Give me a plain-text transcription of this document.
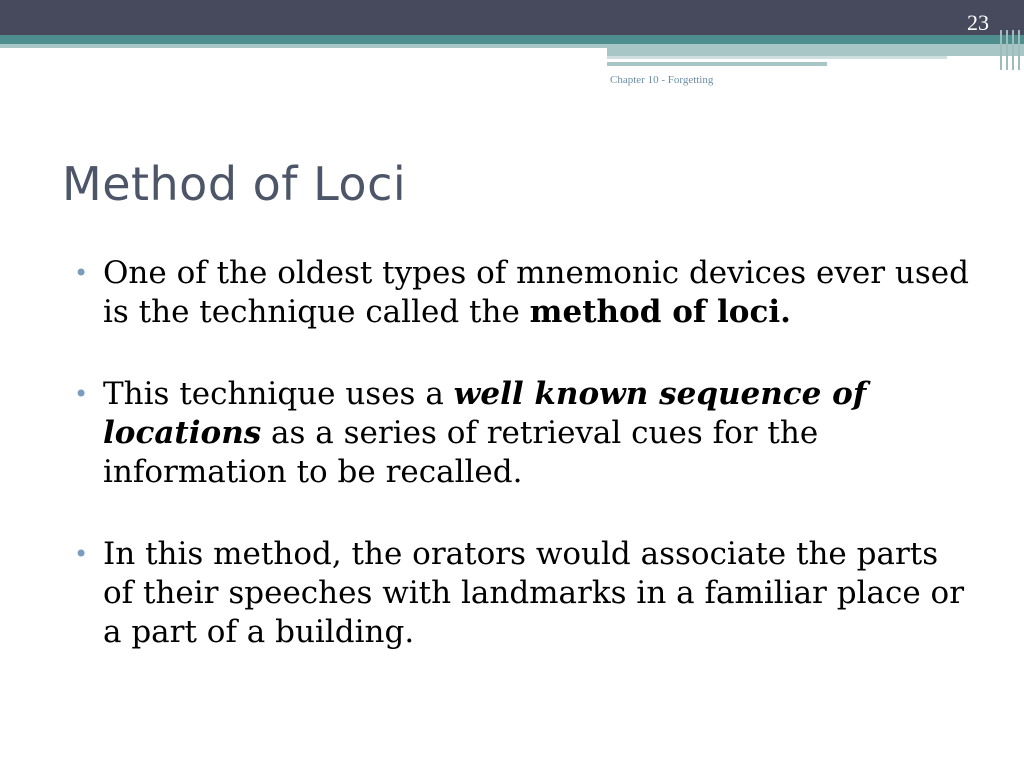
23
Chapter 10 - Forgetting
Method of Loci
• One of the oldest types of mnemonic devices ever used is the technique called the method of loci.
• This technique uses a well known sequence of locations as a series of retrieval cues for the information to be recalled.
• In this method, the orators would associate the parts of their speeches with landmarks in a familiar place or a part of a building.
